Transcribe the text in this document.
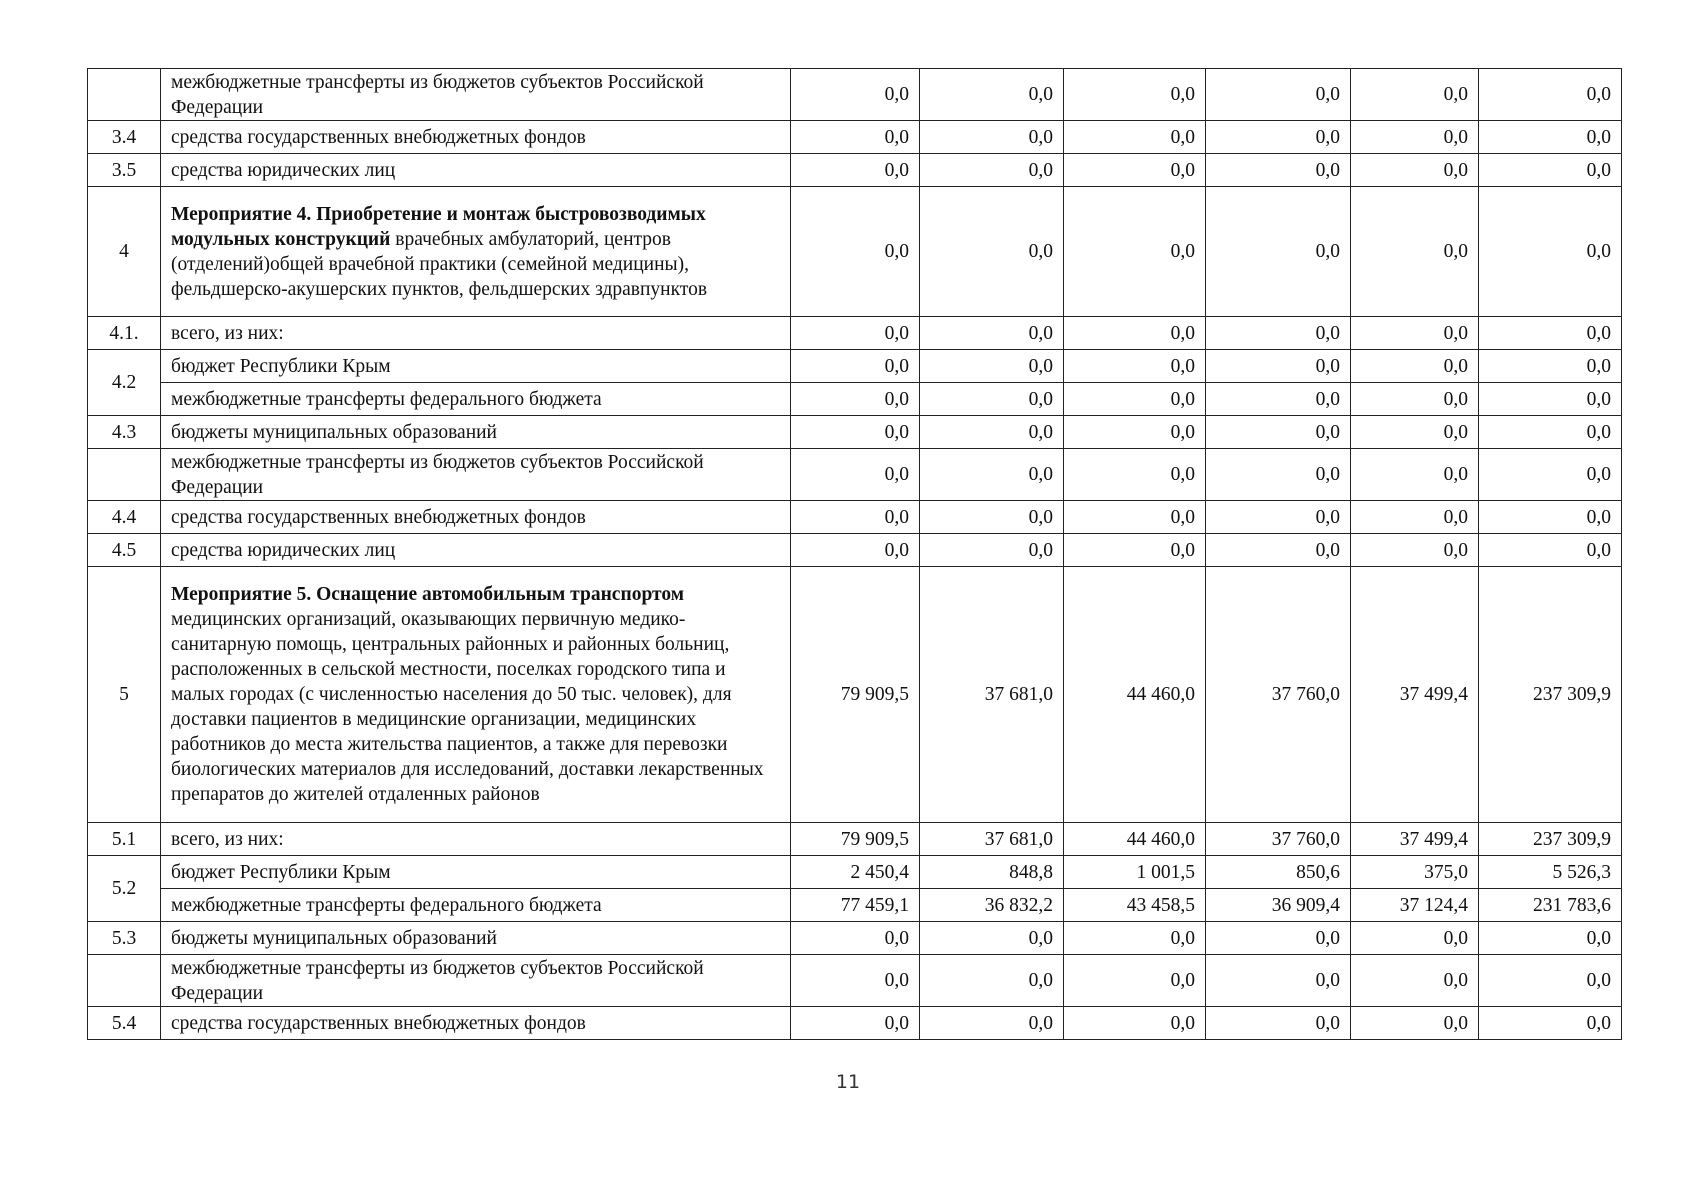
	межбюджетные трансферты из бюджетов субъектов Российской Федерации	0,0	0,0	0,0	0,0	0,0	0,0
3.4	средства государственных внебюджетных фондов	0,0	0,0	0,0	0,0	0,0	0,0
3.5	средства юридических лиц	0,0	0,0	0,0	0,0	0,0	0,0
4	Мероприятие 4. Приобретение и монтаж быстровозводимых модульных конструкций врачебных амбулаторий, центров (отделений)общей врачебной практики (семейной медицины), фельдшерско-акушерских пунктов, фельдшерских здравпунктов	0,0	0,0	0,0	0,0	0,0	0,0
4.1.	всего, из них:	0,0	0,0	0,0	0,0	0,0	0,0
4.2	бюджет Республики Крым	0,0	0,0	0,0	0,0	0,0	0,0
	межбюджетные трансферты федерального бюджета	0,0	0,0	0,0	0,0	0,0	0,0
4.3	бюджеты муниципальных образований	0,0	0,0	0,0	0,0	0,0	0,0
	межбюджетные трансферты из бюджетов субъектов Российской Федерации	0,0	0,0	0,0	0,0	0,0	0,0
4.4	средства государственных внебюджетных фондов	0,0	0,0	0,0	0,0	0,0	0,0
4.5	средства юридических лиц	0,0	0,0	0,0	0,0	0,0	0,0
5	Мероприятие 5. Оснащение автомобильным транспортом медицинских организаций, оказывающих первичную медико-санитарную помощь, центральных районных и районных больниц, расположенных в сельской местности, поселках городского типа и малых городах (с численностью населения до 50 тыс. человек), для доставки пациентов в медицинские организации, медицинских работников до места жительства пациентов, а также для перевозки биологических материалов для исследований, доставки лекарственных препаратов до жителей отдаленных районов	79 909,5	37 681,0	44 460,0	37 760,0	37 499,4	237 309,9
5.1	всего, из них:	79 909,5	37 681,0	44 460,0	37 760,0	37 499,4	237 309,9
5.2	бюджет Республики Крым	2 450,4	848,8	1 001,5	850,6	375,0	5 526,3
	межбюджетные трансферты федерального бюджета	77 459,1	36 832,2	43 458,5	36 909,4	37 124,4	231 783,6
5.3	бюджеты муниципальных образований	0,0	0,0	0,0	0,0	0,0	0,0
	межбюджетные трансферты из бюджетов субъектов Российской Федерации	0,0	0,0	0,0	0,0	0,0	0,0
5.4	средства государственных внебюджетных фондов	0,0	0,0	0,0	0,0	0,0	0,0
11
